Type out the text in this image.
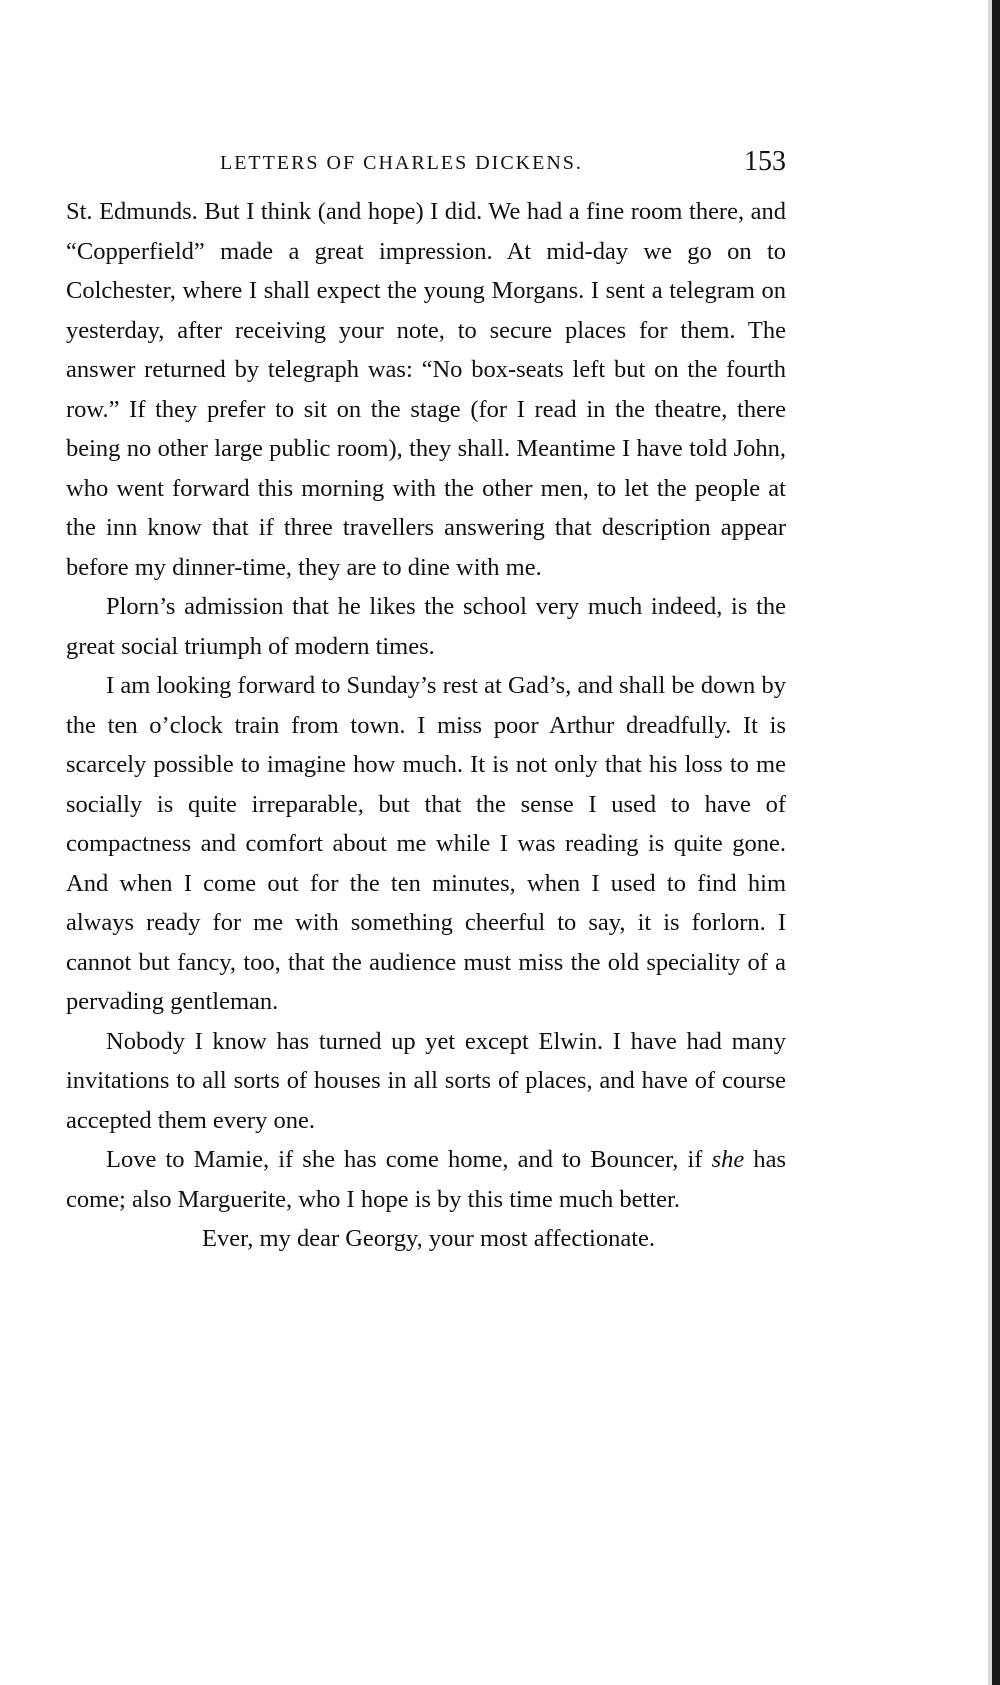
LETTERS OF CHARLES DICKENS.	153

St. Edmunds. But I think (and hope) I did. We had a fine room there, and “Copperfield” made a great impression. At mid-day we go on to Colchester, where I shall expect the young Morgans. I sent a telegram on yesterday, after receiving your note, to secure places for them. The answer returned by telegraph was: “No box-seats left but on the fourth row.” If they prefer to sit on the stage (for I read in the theatre, there being no other large public room), they shall. Meantime I have told John, who went forward this morning with the other men, to let the people at the inn know that if three travellers answering that description appear before my dinner-time, they are to dine with me.

Plorn’s admission that he likes the school very much indeed, is the great social triumph of modern times.

I am looking forward to Sunday’s rest at Gad’s, and shall be down by the ten o’clock train from town. I miss poor Arthur dreadfully. It is scarcely possible to imagine how much. It is not only that his loss to me socially is quite irreparable, but that the sense I used to have of compactness and comfort about me while I was reading is quite gone. And when I come out for the ten minutes, when I used to find him always ready for me with something cheerful to say, it is forlorn. I cannot but fancy, too, that the audience must miss the old speciality of a pervading gentleman.

Nobody I know has turned up yet except Elwin. I have had many invitations to all sorts of houses in all sorts of places, and have of course accepted them every one.

Love to Mamie, if she has come home, and to Bouncer, if she has come; also Marguerite, who I hope is by this time much better.

Ever, my dear Georgy, your most affectionate.
